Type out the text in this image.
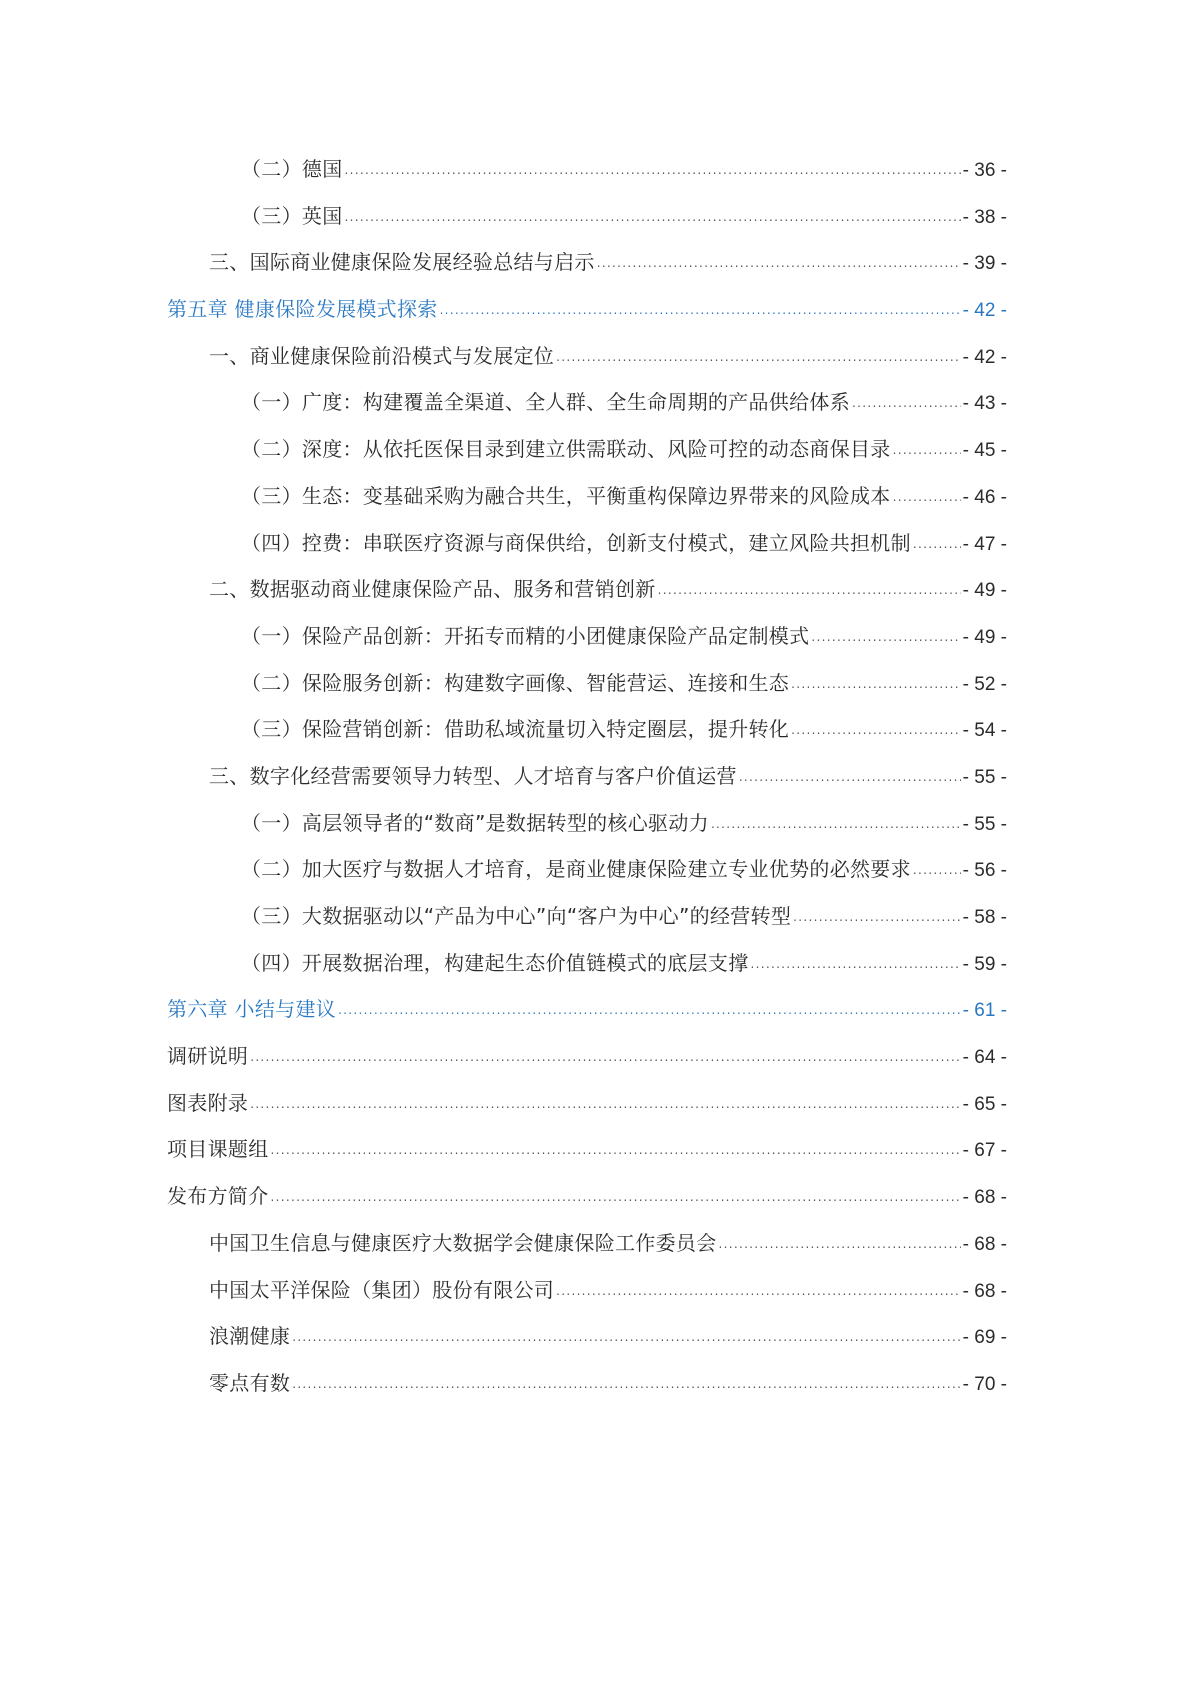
（二）德国 .....	- 36 -
（三）英国 .....	- 38 -
三、国际商业健康保险发展经验总结与启示 .....	- 39 -
第五章 健康保险发展模式探索 .....	- 42 -
一、商业健康保险前沿模式与发展定位 .....	- 42 -
（一）广度：构建覆盖全渠道、全人群、全生命周期的产品供给体系 .....	- 43 -
（二）深度：从依托医保目录到建立供需联动、风险可控的动态商保目录 .....	- 45 -
（三）生态：变基础采购为融合共生，平衡重构保障边界带来的风险成本 .....	- 46 -
（四）控费：串联医疗资源与商保供给，创新支付模式，建立风险共担机制 .....	- 47 -
二、数据驱动商业健康保险产品、服务和营销创新 .....	- 49 -
（一）保险产品创新：开拓专而精的小团健康保险产品定制模式 .....	- 49 -
（二）保险服务创新：构建数字画像、智能营运、连接和生态 .....	- 52 -
（三）保险营销创新：借助私域流量切入特定圈层，提升转化 .....	- 54 -
三、数字化经营需要领导力转型、人才培育与客户价值运营 .....	- 55 -
（一）高层领导者的“数商”是数据转型的核心驱动力 .....	- 55 -
（二）加大医疗与数据人才培育，是商业健康保险建立专业优势的必然要求 .....	- 56 -
（三）大数据驱动以“产品为中心”向“客户为中心”的经营转型 .....	- 58 -
（四）开展数据治理，构建起生态价值链模式的底层支撑 .....	- 59 -
第六章 小结与建议 .....	- 61 -
调研说明 .....	- 64 -
图表附录 .....	- 65 -
项目课题组 .....	- 67 -
发布方简介 .....	- 68 -
中国卫生信息与健康医疗大数据学会健康保险工作委员会 .....	- 68 -
中国太平洋保险（集团）股份有限公司 .....	- 68 -
浪潮健康 .....	- 69 -
零点有数 .....	- 70 -
